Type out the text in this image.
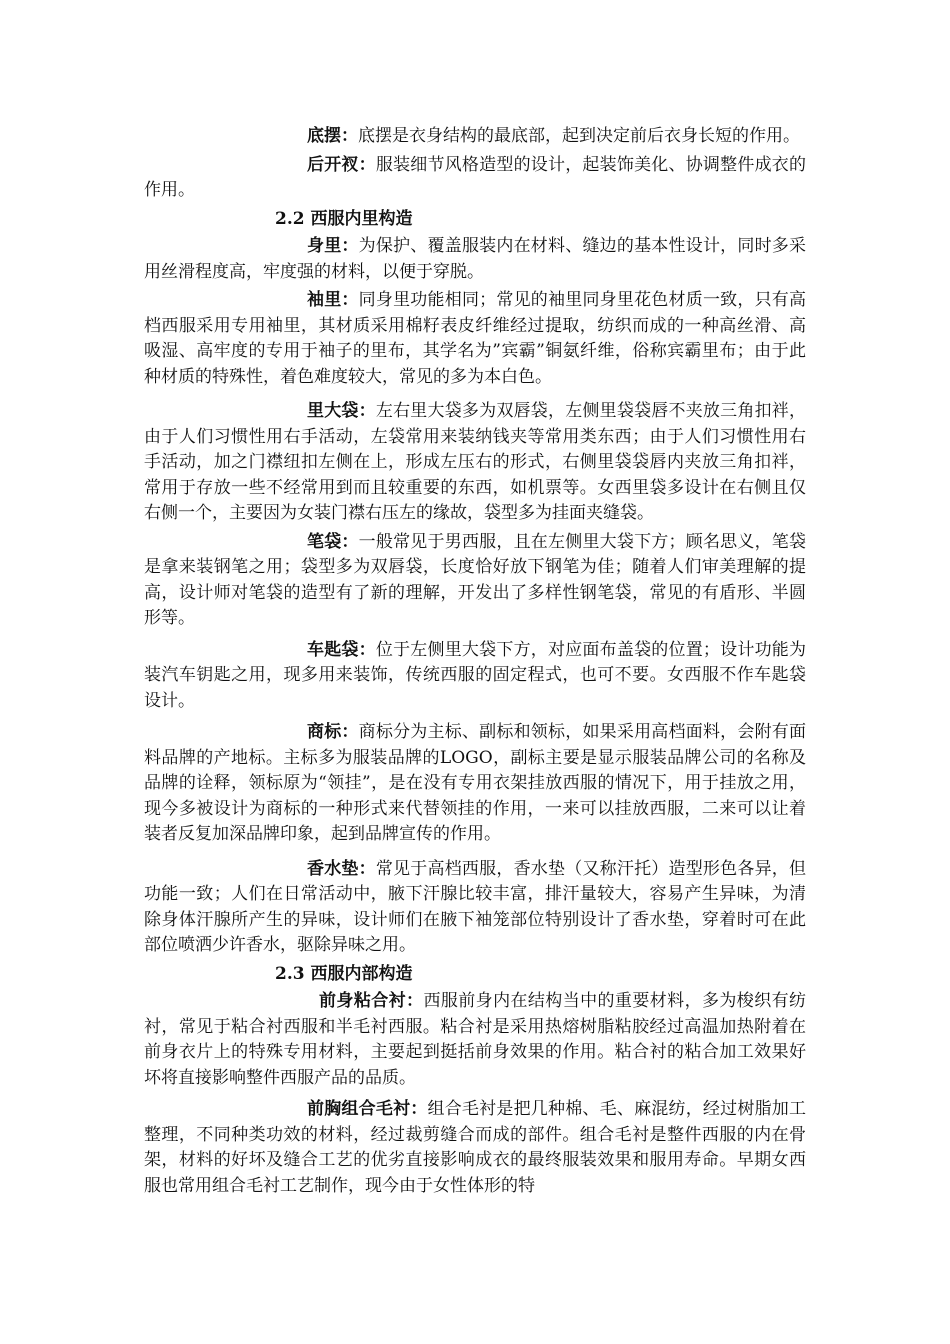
底摆：底摆是衣身结构的最底部，起到决定前后衣身长短的作用。

后开衩：服装细节风格造型的设计，起装饰美化、协调整件成衣的作用。

2.2 西服内里构造

身里：为保护、覆盖服装内在材料、缝边的基本性设计，同时多采用丝滑程度高，牢度强的材料，以便于穿脱。

袖里：同身里功能相同；常见的袖里同身里花色材质一致，只有高档西服采用专用袖里，其材质采用棉籽表皮纤维经过提取，纺织而成的一种高丝滑、高吸湿、高牢度的专用于袖子的里布，其学名为”宾霸”铜氨纤维，俗称宾霸里布；由于此种材质的特殊性，着色难度较大，常见的多为本白色。

里大袋：左右里大袋多为双唇袋，左侧里袋袋唇不夹放三角扣袢，由于人们习惯性用右手活动，左袋常用来装纳钱夹等常用类东西；由于人们习惯性用右手活动，加之门襟纽扣左侧在上，形成左压右的形式，右侧里袋袋唇内夹放三角扣袢，常用于存放一些不经常用到而且较重要的东西，如机票等。女西里袋多设计在右侧且仅右侧一个，主要因为女装门襟右压左的缘故，袋型多为挂面夹缝袋。

笔袋：一般常见于男西服，且在左侧里大袋下方；顾名思义，笔袋是拿来装钢笔之用；袋型多为双唇袋，长度恰好放下钢笔为佳；随着人们审美理解的提高，设计师对笔袋的造型有了新的理解，开发出了多样性钢笔袋，常见的有盾形、半圆形等。

车匙袋：位于左侧里大袋下方，对应面布盖袋的位置；设计功能为装汽车钥匙之用，现多用来装饰，传统西服的固定程式，也可不要。女西服不作车匙袋设计。

商标：商标分为主标、副标和领标，如果采用高档面料，会附有面料品牌的产地标。主标多为服装品牌的LOGO，副标主要是显示服装品牌公司的名称及品牌的诠释，领标原为“领挂”，是在没有专用衣架挂放西服的情况下，用于挂放之用，现今多被设计为商标的一种形式来代替领挂的作用，一来可以挂放西服，二来可以让着装者反复加深品牌印象，起到品牌宣传的作用。

香水垫：常见于高档西服，香水垫（又称汗托）造型形色各异，但功能一致；人们在日常活动中，腋下汗腺比较丰富，排汗量较大，容易产生异味，为清除身体汗腺所产生的异味，设计师们在腋下袖笼部位特别设计了香水垫，穿着时可在此部位喷洒少许香水，驱除异味之用。

2.3 西服内部构造

前身粘合衬：西服前身内在结构当中的重要材料，多为梭织有纺衬，常见于粘合衬西服和半毛衬西服。粘合衬是采用热熔树脂粘胶经过高温加热附着在前身衣片上的特殊专用材料，主要起到挺括前身效果的作用。粘合衬的粘合加工效果好坏将直接影响整件西服产品的品质。

前胸组合毛衬：组合毛衬是把几种棉、毛、麻混纺，经过树脂加工整理，不同种类功效的材料，经过裁剪缝合而成的部件。组合毛衬是整件西服的内在骨架，材料的好坏及缝合工艺的优劣直接影响成衣的最终服装效果和服用寿命。早期女西服也常用组合毛衬工艺制作，现今由于女性体形的特
